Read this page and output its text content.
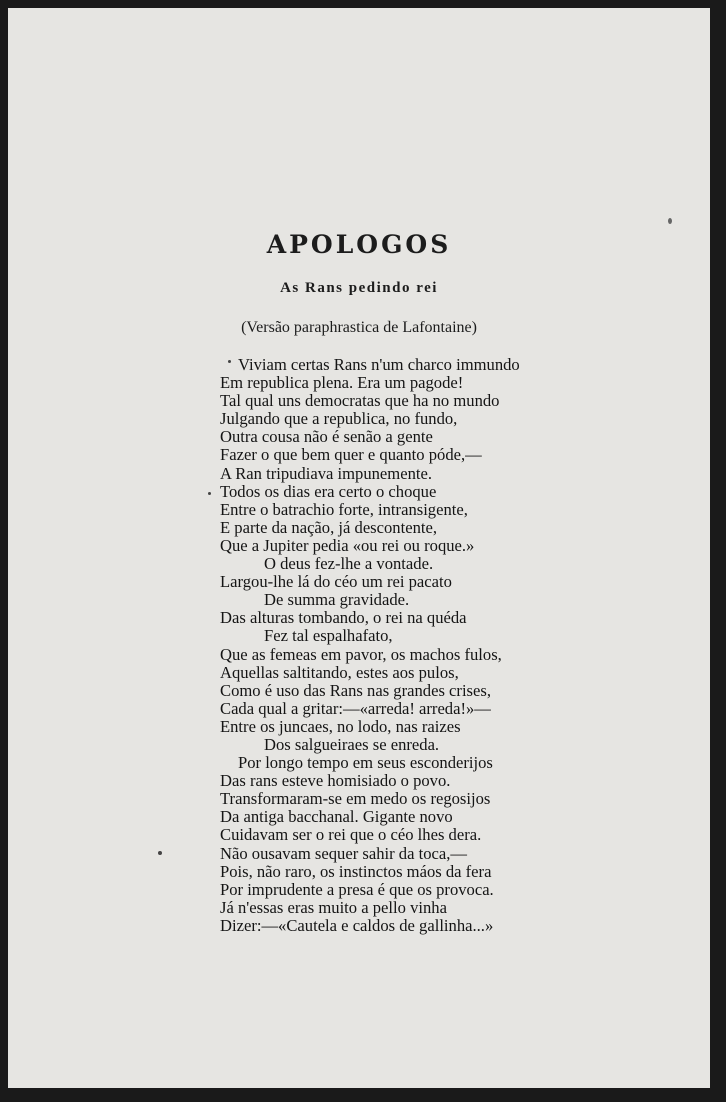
APOLOGOS
As Rans pedindo rei
(Versão paraphrastica de Lafontaine)
Viviam certas Rans n'um charco immundo
Em republica plena. Era um pagode!
Tal qual uns democratas que ha no mundo
Julgando que a republica, no fundo,
Outra cousa não é senão a gente
Fazer o que bem quer e quanto póde,—
A Ran tripudiava impunemente.
Todos os dias era certo o choque
Entre o batrachio forte, intransigente,
E parte da nação, já descontente,
Que a Jupiter pedia «ou rei ou roque.»
O deus fez-lhe a vontade.
Largou-lhe lá do céo um rei pacato
De summa gravidade.
Das alturas tombando, o rei na quéda
Fez tal espalhafato,
Que as femeas em pavor, os machos fulos,
Aquellas saltitando, estes aos pulos,
Como é uso das Rans nas grandes crises,
Cada qual a gritar:—«arreda! arreda!»—
Entre os juncaes, no lodo, nas raizes
Dos salgueiraes se enreda.
Por longo tempo em seus esconderijos
Das rans esteve homisiado o povo.
Transformaram-se em medo os regosijos
Da antiga bacchanal. Gigante novo
Cuidavam ser o rei que o céo lhes dera.
Não ousavam sequer sahir da toca,—
Pois, não raro, os instinctos máos da fera
Por imprudente a presa é que os provoca.
Já n'essas eras muito a pello vinha
Dizer:—«Cautela e caldos de gallinha...»
